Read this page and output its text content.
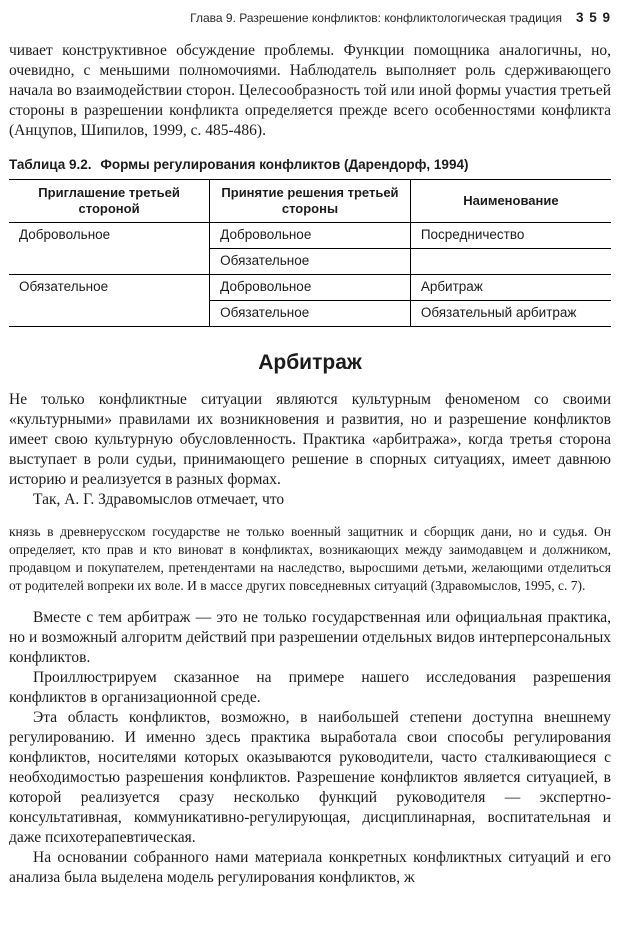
Глава 9. Разрешение конфликтов: конфликтологическая традиция 3 5 9

чивает конструктивное обсуждение проблемы. Функции помощника аналогичны, но, очевидно, с меньшими полномочиями. Наблюдатель выполняет роль сдерживающего начала во взаимодействии сторон. Целесообразность той или иной формы участия третьей стороны в разрешении конфликта определяется прежде всего особенностями конфликта (Анцупов, Шипилов, 1999, с. 485-486).

Таблица 9.2. Формы регулирования конфликтов (Дарендорф, 1994)

Приглашение третьей стороной	Принятие решения третьей стороны	Наименование
Добровольное	Добровольное	Посредничество
	Обязательное	
Обязательное	Добровольное	Арбитраж
	Обязательное	Обязательный арбитраж
Арбитраж

Не только конфликтные ситуации являются культурным феноменом со своими «культурными» правилами их возникновения и развития, но и разрешение конфликтов имеет свою культурную обусловленность. Практика «арбитража», когда третья сторона выступает в роли судьи, принимающего решение в спорных ситуациях, имеет давнюю историю и реализуется в разных формах.

Так, А. Г. Здравомыслов отмечает, что

князь в древнерусском государстве не только военный защитник и сборщик дани, но и судья. Он определяет, кто прав и кто виноват в конфликтах, возникающих между заимодавцем и должником, продавцом и покупателем, претендентами на наследство, выросшими детьми, желающими отделиться от родителей вопреки их воле. И в массе других повседневных ситуаций (Здравомыслов, 1995, с. 7).

Вместе с тем арбитраж — это не только государственная или официальная практика, но и возможный алгоритм действий при разрешении отдельных видов интерперсональных конфликтов.

Проиллюстрируем сказанное на примере нашего исследования разрешения конфликтов в организационной среде.

Эта область конфликтов, возможно, в наибольшей степени доступна внешнему регулированию. И именно здесь практика выработала свои способы регулирования конфликтов, носителями которых оказываются руководители, часто сталкивающиеся с необходимостью разрешения конфликтов. Разрешение конфликтов является ситуацией, в которой реализуется сразу несколько функций руководителя — экспертно-консультативная, коммуникативно-регулирующая, дисциплинарная, воспитательная и даже психотерапевтическая.

На основании собранного нами материала конкретных конфликтных ситуаций и его анализа была выделена модель регулирования конфликтов, ж
